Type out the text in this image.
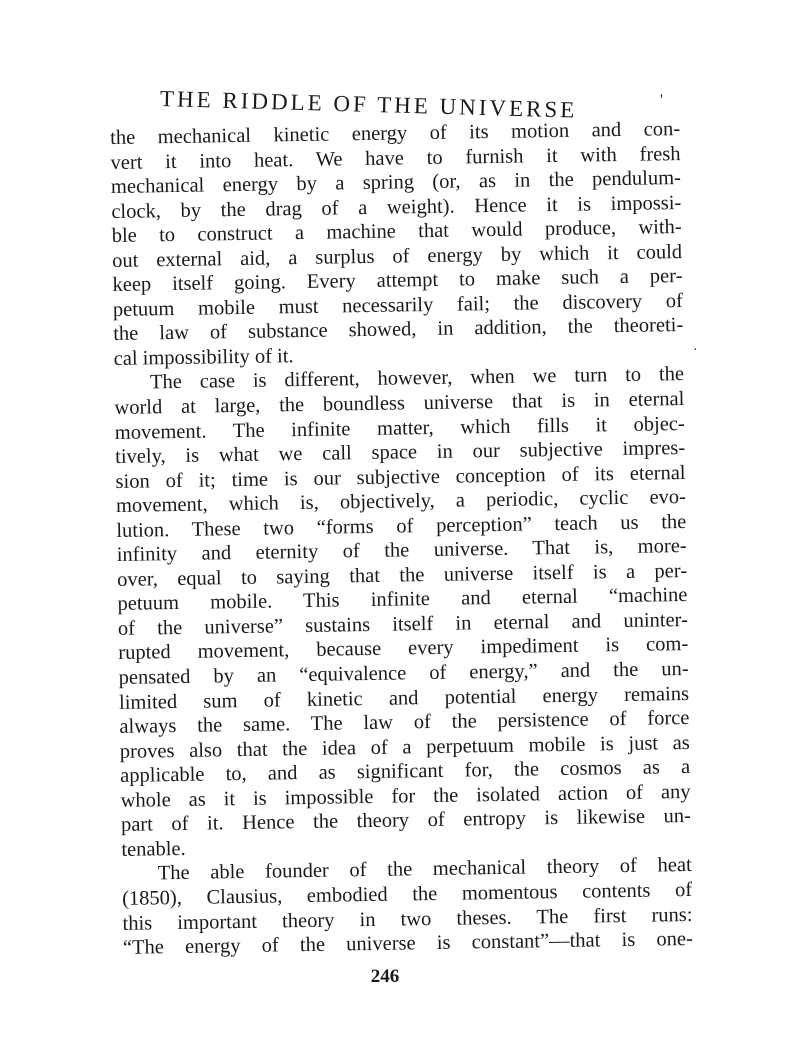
THE RIDDLE OF THE UNIVERSE	'
the mechanical kinetic energy of its motion and con-
vert it into heat. We have to furnish it with fresh
mechanical energy by a spring (or, as in the pendulum-
clock, by the drag of a weight). Hence it is impossi-
ble to construct a machine that would produce, with-
out external aid, a surplus of energy by which it could
keep itself going. Every attempt to make such a per-
petuum mobile must necessarily fail; the discovery of
the law of substance showed, in addition, the theoreti-
cal impossibility of it.
The case is different, however, when we turn to the
world at large, the boundless universe that is in eternal
movement. The infinite matter, which fills it objec-
tively, is what we call space in our subjective impres-
sion of it; time is our subjective conception of its eternal
movement, which is, objectively, a periodic, cyclic evo-
lution. These two “forms of perception” teach us the
infinity and eternity of the universe. That is, more-
over, equal to saying that the universe itself is a per-
petuum mobile. This infinite and eternal “machine
of the universe” sustains itself in eternal and uninter-
rupted movement, because every impediment is com-
pensated by an “equivalence of energy,” and the un-
limited sum of kinetic and potential energy remains
always the same. The law of the persistence of force
proves also that the idea of a perpetuum mobile is just as
applicable to, and as significant for, the cosmos as a
whole as it is impossible for the isolated action of any
part of it. Hence the theory of entropy is likewise un-
tenable.
The able founder of the mechanical theory of heat
(1850), Clausius, embodied the momentous contents of
this important theory in two theses. The first runs:
“The energy of the universe is constant”—that is one-
246
·
